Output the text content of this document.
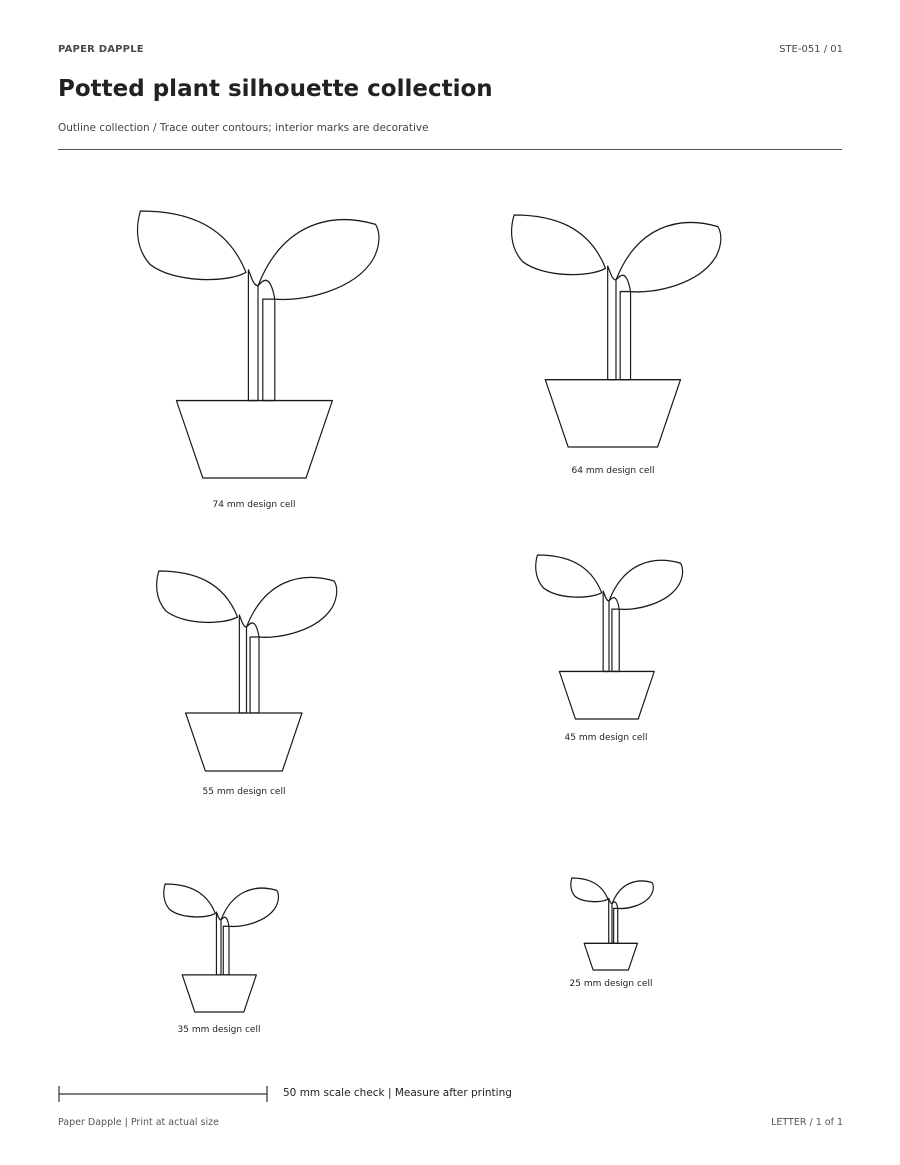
PAPER DAPPLE	STE-051 / 01
Potted plant silhouette collection
Outline collection / Trace outer contours; interior marks are decorative
74 mm design cell
64 mm design cell
55 mm design cell
45 mm design cell
35 mm design cell
25 mm design cell
50 mm scale check | Measure after printing
Paper Dapple | Print at actual size	LETTER / 1 of 1
